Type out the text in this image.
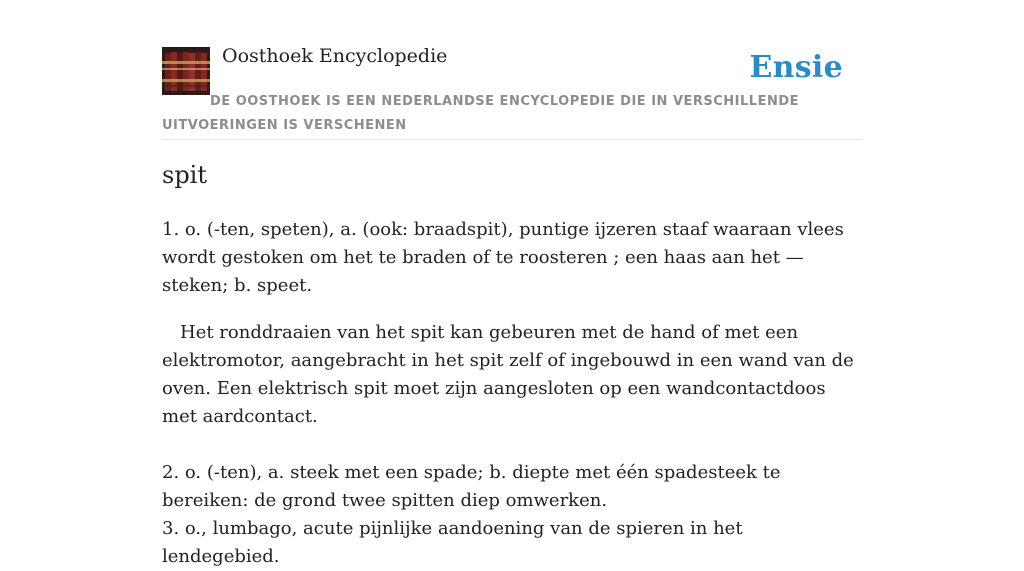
Oosthoek Encyclopedie	Ensie
DE OOSTHOEK IS EEN NEDERLANDSE ENCYCLOPEDIE DIE IN VERSCHILLENDE UITVOERINGEN IS VERSCHENEN
spit

1. o. (-ten, speten), a. (ook: braadspit), puntige ijzeren staaf waaraan vlees wordt gestoken om het te braden of te roosteren ; een haas aan het — steken; b. speet.

Het ronddraaien van het spit kan gebeuren met de hand of met een elektromotor, aangebracht in het spit zelf of ingebouwd in een wand van de oven. Een elektrisch spit moet zijn aangesloten op een wandcontactdoos met aardcontact.

2. o. (-ten), a. steek met een spade; b. diepte met één spadesteek te bereiken: de grond twee spitten diep omwerken.

3. o., lumbago, acute pijnlijke aandoening van de spieren in het lendegebied.
